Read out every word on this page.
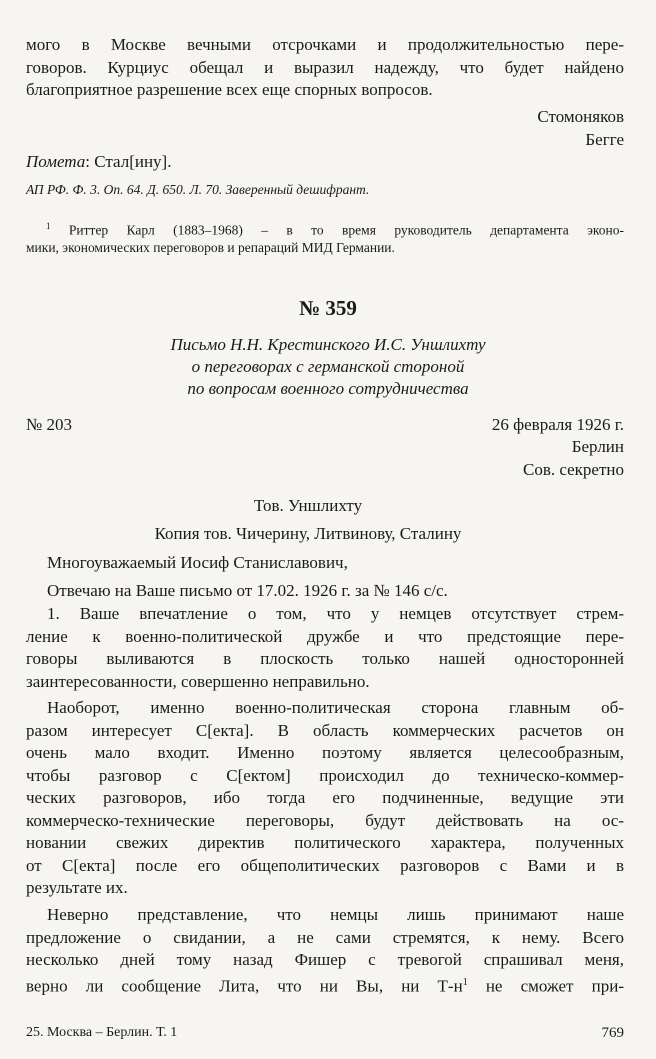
мого в Москве вечными отсрочками и продолжительностью пере-
говоров. Курциус обещал и выразил надежду, что будет найдено
благоприятное разрешение всех еще спорных вопросов.
Стомоняков
Бегге
Помета: Стал[ину].
АП РФ. Ф. 3. Оп. 64. Д. 650. Л. 70. Заверенный дешифрант.
$^1$ Риттер Карл (1883–1968) – в то время руководитель департамента эконо-
мики, экономических переговоров и репараций МИД Германии.
№ 359
Письмо Н.Н. Крестинского И.С. Уншлихту
о переговорах с германской стороной
по вопросам военного сотрудничества
№ 203	26 февраля 1926 г.
Берлин
Сов. секретно
Тов. Уншлихту
Копия тов. Чичерину, Литвинову, Сталину
Многоуважаемый Иосиф Станиславович,
Отвечаю на Ваше письмо от 17.02. 1926 г. за № 146 с/с.
1. Ваше впечатление о том, что у немцев отсутствует стрем-
ление к военно-политической дружбе и что предстоящие пере-
говоры выливаются в плоскость только нашей односторонней
заинтересованности, совершенно неправильно.
Наоборот, именно военно-политическая сторона главным об-
разом интересует С[екта]. В область коммерческих расчетов он
очень мало входит. Именно поэтому является целесообразным,
чтобы разговор с С[ектом] происходил до техническо-коммер-
ческих разговоров, ибо тогда его подчиненные, ведущие эти
коммерческо-технические переговоры, будут действовать на ос-
новании свежих директив политического характера, полученных
от С[екта] после его общеполитических разговоров с Вами и в
результате их.
Неверно представление, что немцы лишь принимают наше
предложение о свидании, а не сами стремятся, к нему. Всего
несколько дней тому назад Фишер с тревогой спрашивал меня,
верно ли сообщение Лита, что ни Вы, ни $Т-н^1$ не сможет при-
25. Москва – Берлин. Т. 1	769
